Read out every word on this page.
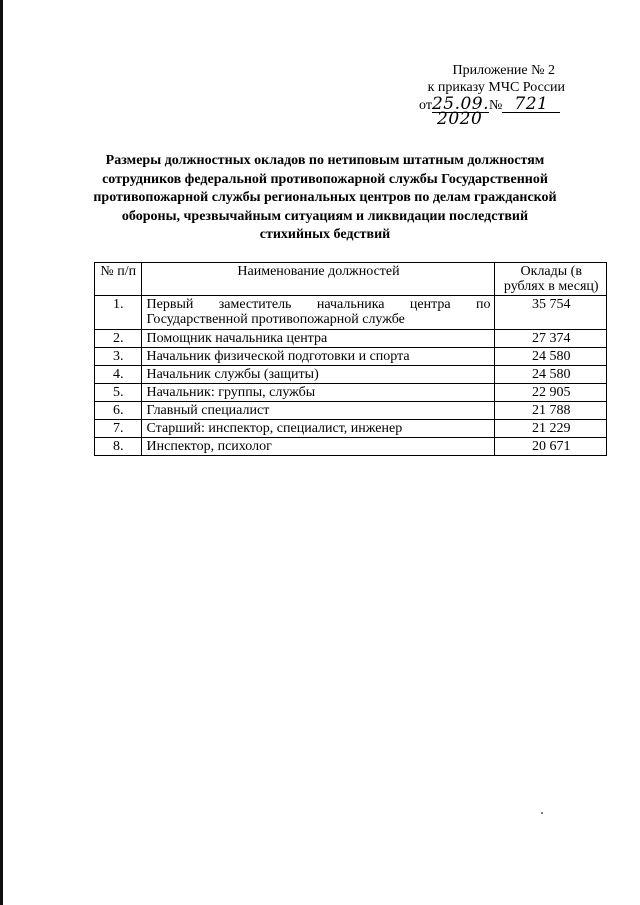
Приложение № 2
к приказу МЧС России
от25.09.№ 721
2020
Размеры должностных окладов по нетиповым штатным должностям сотрудников федеральной противопожарной службы Государственной противопожарной службы региональных центров по делам гражданской обороны, чрезвычайным ситуациям и ликвидации последствий стихийных бедствий
№ п/п	Наименование должностей	Оклады (в рублях в месяц)
1.	Первый заместитель начальника центра по Государственной противопожарной службе	35 754
2.	Помощник начальника центра	27 374
3.	Начальник физической подготовки и спорта	24 580
4.	Начальник службы (защиты)	24 580
5.	Начальник: группы, службы	22 905
6.	Главный специалист	21 788
7.	Старший: инспектор, специалист, инженер	21 229
8.	Инспектор, психолог	20 671
